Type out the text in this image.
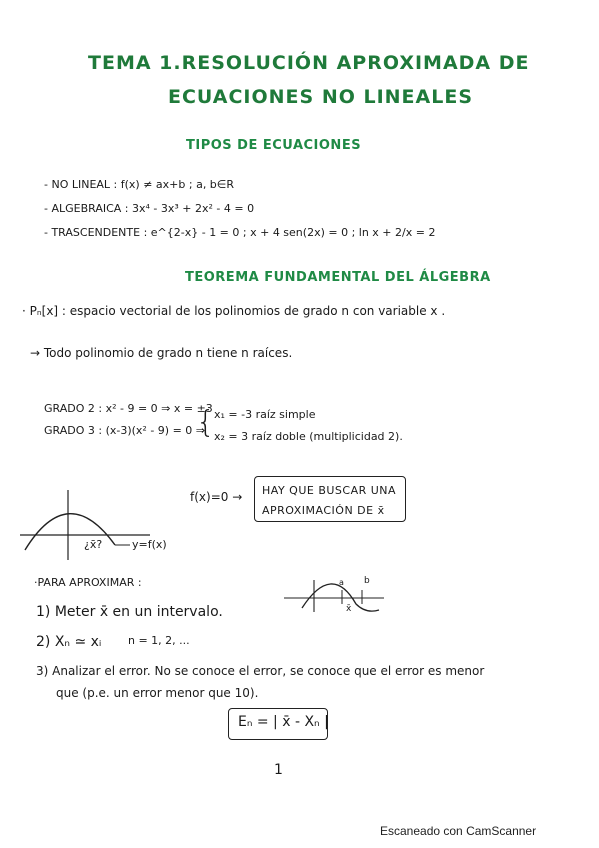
TEMA 1.RESOLUCIÓN APROXIMADA DE
ECUACIONES NO LINEALES
TIPOS DE ECUACIONES
- NO LINEAL : f(x) ≠ ax+b ; a, b∈R
- ALGEBRAICA : 3x⁴ - 3x³ + 2x² - 4 = 0
- TRASCENDENTE : e^{2-x} - 1 = 0 ; x + 4 sen(2x) = 0 ; ln x + 2/x = 2
TEOREMA FUNDAMENTAL DEL ÁLGEBRA
· Pₙ[x] : espacio vectorial de los polinomios de grado n con variable x .
→ Todo polinomio de grado n tiene n raíces.
GRADO 2 : x² - 9 = 0 ⇒ x = ±3
GRADO 3 : (x-3)(x² - 9) = 0 ⇒
{
x₁ = -3 raíz simple
x₂ = 3 raíz doble (multiplicidad 2).
¿x̄?	y=f(x)
f(x)=0 → HAY QUE BUSCAR UNA
APROXIMACIÓN DE x̄
·PARA APROXIMAR :	a b
x̄
1) Meter x̄ en un intervalo.
2) Xₙ ≃ xᵢ n = 1, 2, ...
3) Analizar el error. No se conoce el error, se conoce que el error es menor
que (p.e. un error menor que 10).
Eₙ = | x̄ - Xₙ |
1
Escaneado con CamScanner
